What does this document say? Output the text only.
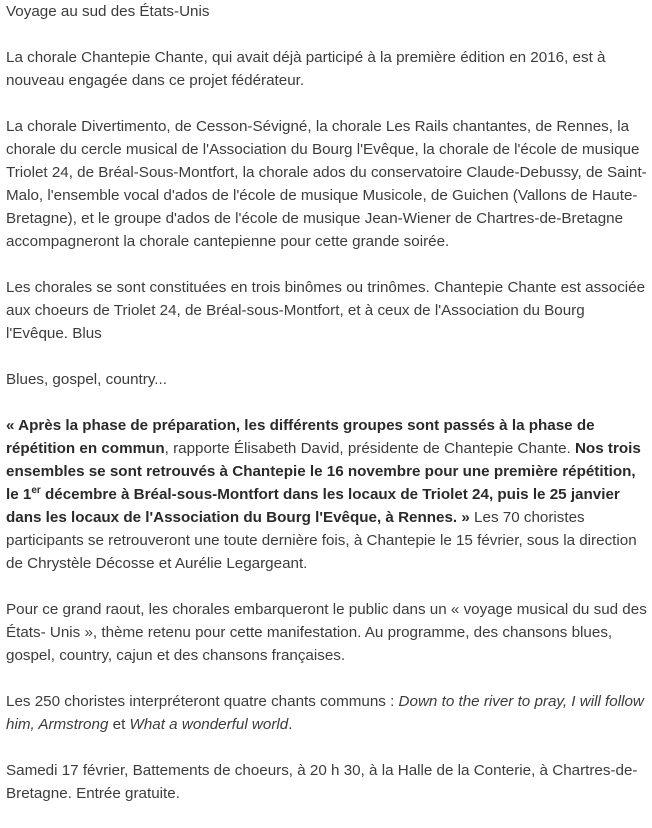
Voyage au sud des États-Unis

La chorale Chantepie Chante, qui avait déjà participé à la première édition en 2016, est à nouveau engagée dans ce projet fédérateur.

La chorale Divertimento, de Cesson-Sévigné, la chorale Les Rails chantantes, de Rennes, la chorale du cercle musical de l'Association du Bourg l'Evêque, la chorale de l'école de musique Triolet 24, de Bréal-Sous-Montfort, la chorale ados du conservatoire Claude-Debussy, de Saint-Malo, l'ensemble vocal d'ados de l'école de musique Musicole, de Guichen (Vallons de Haute-Bretagne), et le groupe d'ados de l'école de musique Jean-Wiener de Chartres-de-Bretagne accompagneront la chorale cantepienne pour cette grande soirée.

Les chorales se sont constituées en trois binômes ou trinômes. Chantepie Chante est associée aux choeurs de Triolet 24, de Bréal-sous-Montfort, et à ceux de l'Association du Bourg l'Evêque. Blus

Blues, gospel, country...

« Après la phase de préparation, les différents groupes sont passés à la phase de répétition en commun, rapporte Élisabeth David, présidente de Chantepie Chante. Nos trois ensembles se sont retrouvés à Chantepie le 16 novembre pour une première répétition, le 1er décembre à Bréal-sous-Montfort dans les locaux de Triolet 24, puis le 25 janvier dans les locaux de l'Association du Bourg l'Evêque, à Rennes. » Les 70 choristes participants se retrouveront une toute dernière fois, à Chantepie le 15 février, sous la direction de Chrystèle Décosse et Aurélie Legargeant.

Pour ce grand raout, les chorales embarqueront le public dans un « voyage musical du sud des États- Unis », thème retenu pour cette manifestation. Au programme, des chansons blues, gospel, country, cajun et des chansons françaises.

Les 250 choristes interpréteront quatre chants communs : Down to the river to pray, I will follow him, Armstrong et What a wonderful world.

Samedi 17 février, Battements de choeurs, à 20 h 30, à la Halle de la Conterie, à Chartres-de-Bretagne. Entrée gratuite.
